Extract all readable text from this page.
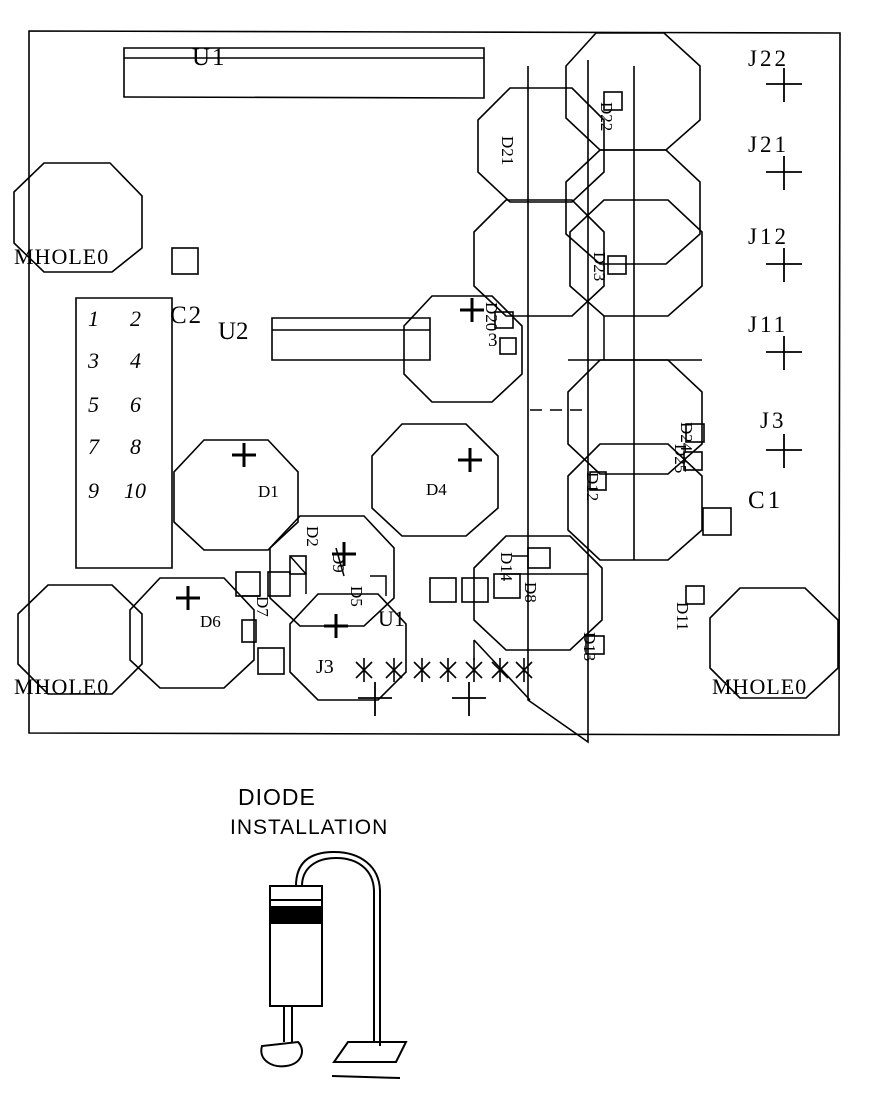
U1
C2
U2
C1
MHOLE0
MHOLE0	MHOLE0
J22
J21
J12
J11
J3
1 2
3 4
5 6
7 8
9 10	D1
D2
D4
D5
D6
D7
D8
D9
D11
D12
D13
D14
D20
D21
D22
D23
D24
D25
U1
J3
3
DIODE
INSTALLATION
